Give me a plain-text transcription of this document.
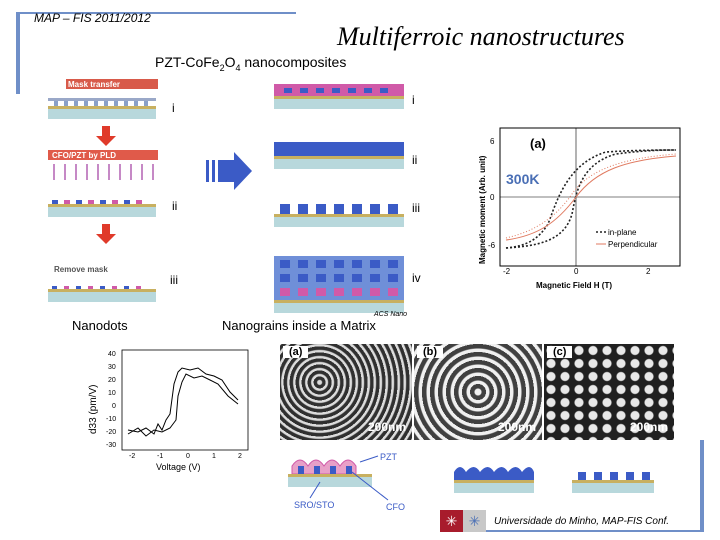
MAP – FIS 2011/2012
Multiferroic nanostructures
PZT-$CoFe_2O_4$ nanocomposites
Mask transfer
i
CFO/PZT by PLD
ii
Remove mask
iii
Nanodots
i
ii
iii
iv
ACS Nano
Nanograins inside a Matrix
(a)
300K
in-plane
Perpendicular
6
0
-6
-2	0	2
Magnetic Field H (T)
Magnetic moment (Arb. unit)
40
30
20
10
0
-10
-20
-30
-2	-1	0	1	2
Voltage (V)
d33 (pm/V)
(a)
200nm
(b)
200nm
(c)
200nm
PZT
SRO/STO	CFO
✳ ✳	Universidade do Minho, MAP-FIS Conf.
